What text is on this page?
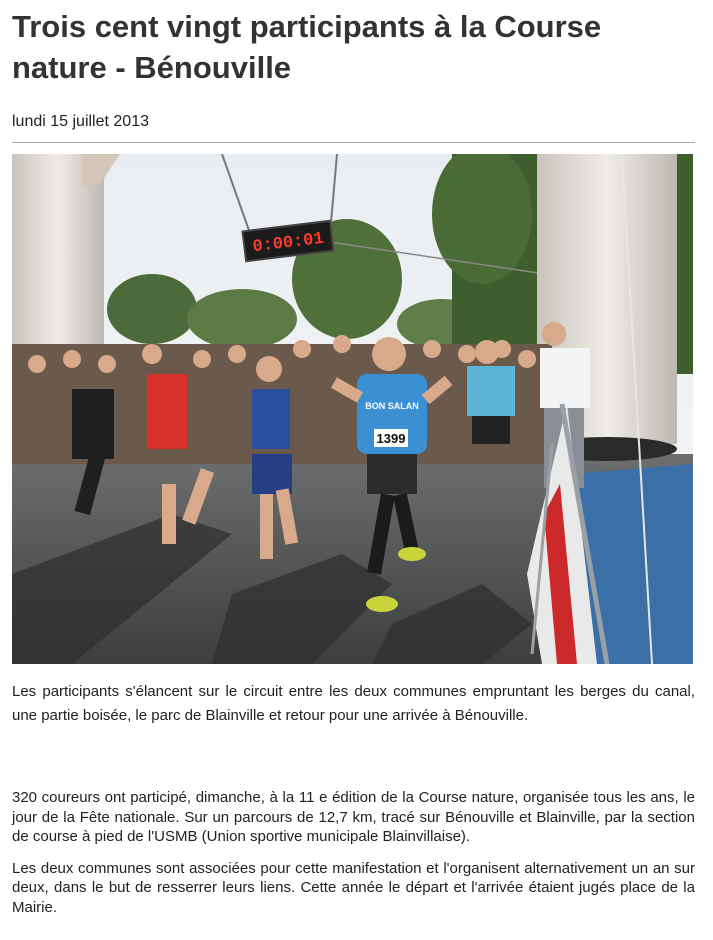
Trois cent vingt participants à la Course nature - Bénouville
lundi 15 juillet 2013
0:00:01
BON SALAN
1399
Les participants s'élancent sur le circuit entre les deux communes empruntant les berges du canal, une partie boisée, le parc de Blainville et retour pour une arrivée à Bénouville.

320 coureurs ont participé, dimanche, à la 11 e édition de la Course nature, organisée tous les ans, le jour de la Fête nationale. Sur un parcours de 12,7 km, tracé sur Bénouville et Blainville, par la section de course à pied de l'USMB (Union sportive municipale Blainvillaise).

Les deux communes sont associées pour cette manifestation et l'organisent alternativement un an sur deux, dans le but de resserrer leurs liens. Cette année le départ et l'arrivée étaient jugés place de la Mairie.
